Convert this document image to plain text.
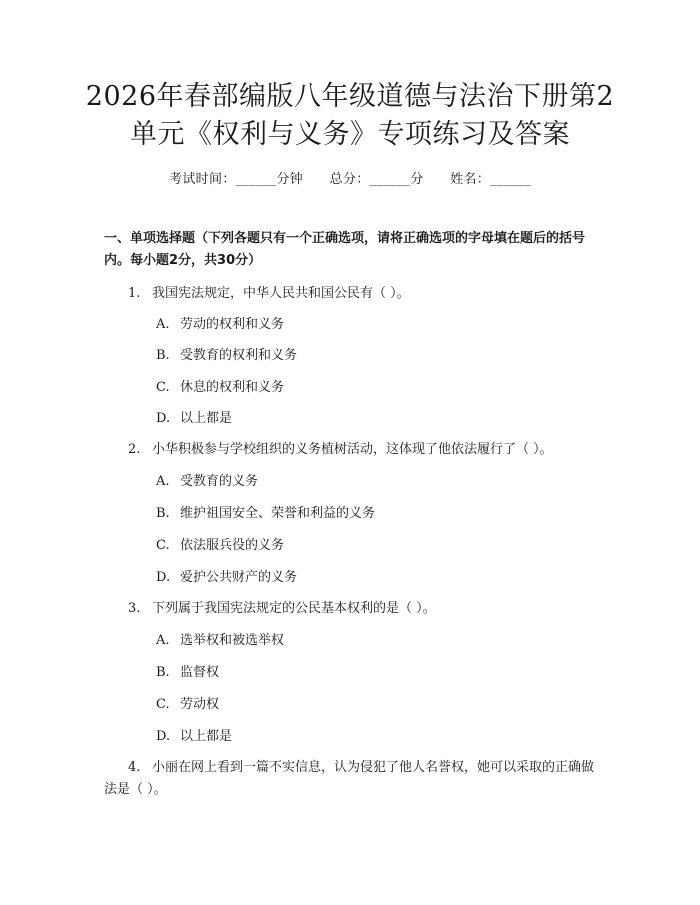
2026年春部编版八年级道德与法治下册第2
单元《权利与义务》专项练习及答案
考试时间：______分钟 总分：______分 姓名：______
一、单项选择题（下列各题只有一个正确选项，请将正确选项的字母填在题后的括号内。每小题2分，共30分）
1. 我国宪法规定，中华人民共和国公民有（ ）。
A. 劳动的权利和义务
B. 受教育的权利和义务
C. 休息的权利和义务
D. 以上都是
2. 小华积极参与学校组织的义务植树活动，这体现了他依法履行了（ ）。
A. 受教育的义务
B. 维护祖国安全、荣誉和利益的义务
C. 依法服兵役的义务
D. 爱护公共财产的义务
3. 下列属于我国宪法规定的公民基本权利的是（ ）。
A. 选举权和被选举权
B. 监督权
C. 劳动权
D. 以上都是
4. 小丽在网上看到一篇不实信息，认为侵犯了他人名誉权，她可以采取的正确做法是（ ）。
